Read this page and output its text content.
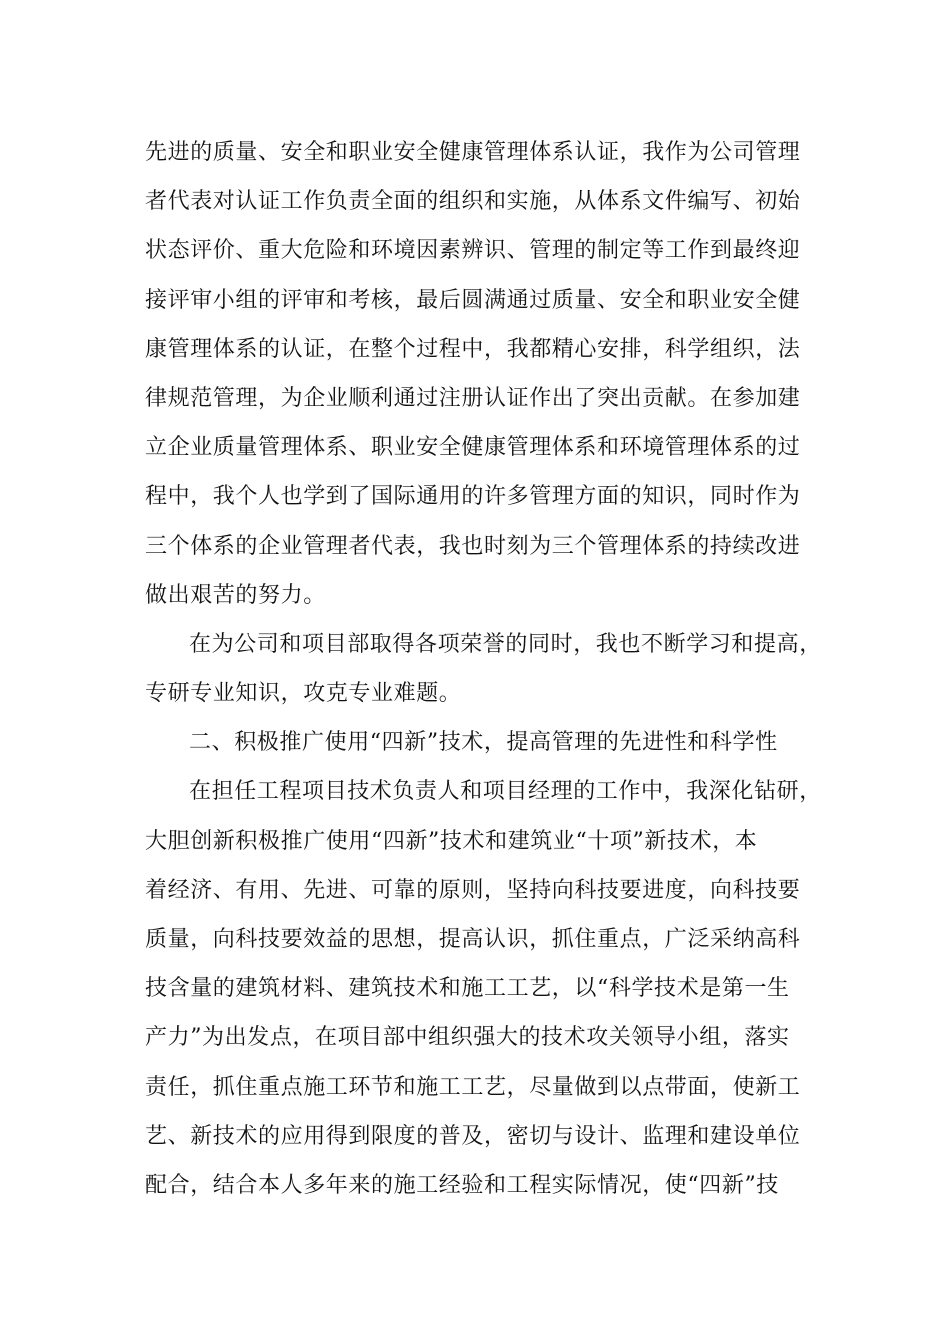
先进的质量、安全和职业安全健康管理体系认证，我作为公司管理
者代表对认证工作负责全面的组织和实施，从体系文件编写、初始
状态评价、重大危险和环境因素辨识、管理的制定等工作到最终迎
接评审小组的评审和考核，最后圆满通过质量、安全和职业安全健
康管理体系的认证，在整个过程中，我都精心安排，科学组织，法
律规范管理，为企业顺利通过注册认证作出了突出贡献。在参加建
立企业质量管理体系、职业安全健康管理体系和环境管理体系的过
程中，我个人也学到了国际通用的许多管理方面的知识，同时作为
三个体系的企业管理者代表，我也时刻为三个管理体系的持续改进
做出艰苦的努力。
在为公司和项目部取得各项荣誉的同时，我也不断学习和提高，
专研专业知识，攻克专业难题。
二、积极推广使用“四新”技术，提高管理的先进性和科学性
在担任工程项目技术负责人和项目经理的工作中，我深化钻研，
大胆创新积极推广使用“四新”技术和建筑业“十项”新技术，本
着经济、有用、先进、可靠的原则，坚持向科技要进度，向科技要
质量，向科技要效益的思想，提高认识，抓住重点，广泛采纳高科
技含量的建筑材料、建筑技术和施工工艺，以“科学技术是第一生
产力”为出发点，在项目部中组织强大的技术攻关领导小组，落实
责任，抓住重点施工环节和施工工艺，尽量做到以点带面，使新工
艺、新技术的应用得到限度的普及，密切与设计、监理和建设单位
配合，结合本人多年来的施工经验和工程实际情况，使“四新”技
